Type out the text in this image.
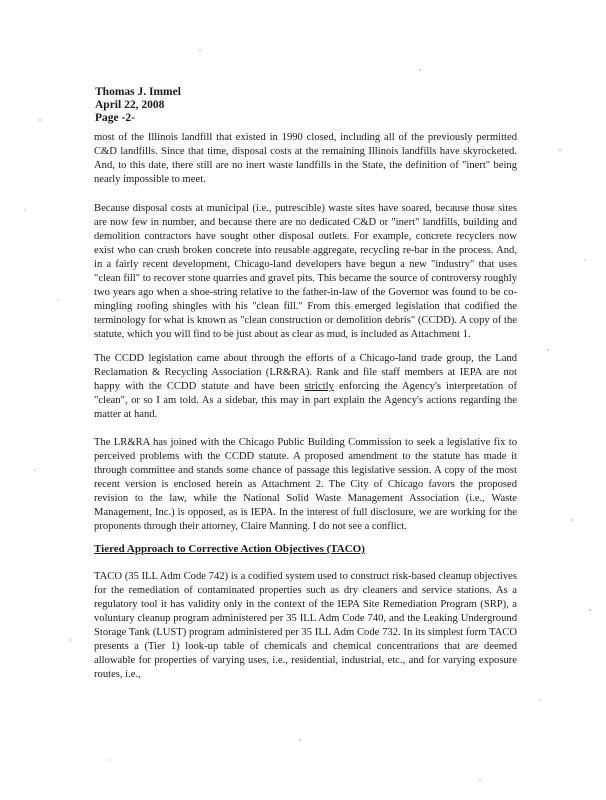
Thomas J. Immel
April 22, 2008
Page -2-

most of the Illinois landfill that existed in 1990 closed, including all of the previously permitted C&D landfills. Since that time, disposal costs at the remaining Illinois landfills have skyrocketed. And, to this date, there still are no inert waste landfills in the State, the definition of "inert" being nearly impossible to meet.

Because disposal costs at municipal (i.e., putrescible) waste sites have soared, because those sites are now few in number, and because there are no dedicated C&D or "inert" landfills, building and demolition contractors have sought other disposal outlets. For example, concrete recyclers now exist who can crush broken concrete into reusable aggregate, recycling re-bar in the process. And, in a fairly recent development, Chicago-land developers have begun a new "industry" that uses "clean fill" to recover stone quarries and gravel pits. This became the source of controversy roughly two years ago when a shoe-string relative to the father-in-law of the Governor was found to be co-mingling roofing shingles with his "clean fill." From this emerged legislation that codified the terminology for what is known as "clean construction or demolition debris" (CCDD). A copy of the statute, which you will find to be just about as clear as mud, is included as Attachment 1.

The CCDD legislation came about through the efforts of a Chicago-land trade group, the Land Reclamation & Recycling Association (LR&RA). Rank and file staff members at IEPA are not happy with the CCDD statute and have been strictly enforcing the Agency's interpretation of "clean", or so I am told. As a sidebar, this may in part explain the Agency's actions regarding the matter at hand.

The LR&RA has joined with the Chicago Public Building Commission to seek a legislative fix to perceived problems with the CCDD statute. A proposed amendment to the statute has made it through committee and stands some chance of passage this legislative session. A copy of the most recent version is enclosed herein as Attachment 2. The City of Chicago favors the proposed revision to the law, while the National Solid Waste Management Association (i.e., Waste Management, Inc.) is opposed, as is IEPA. In the interest of full disclosure, we are working for the proponents through their attorney, Claire Manning. I do not see a conflict.

Tiered Approach to Corrective Action Objectives (TACO)

TACO (35 ILL Adm Code 742) is a codified system used to construct risk-based cleanup objectives for the remediation of contaminated properties such as dry cleaners and service stations. As a regulatory tool it has validity only in the context of the IEPA Site Remediation Program (SRP), a voluntary cleanup program administered per 35 ILL Adm Code 740, and the Leaking Underground Storage Tank (LUST) program administered per 35 ILL Adm Code 732. In its simplest form TACO presents a (Tier 1) look-up table of chemicals and chemical concentrations that are deemed allowable for properties of varying uses, i.e., residential, industrial, etc., and for varying exposure routes, i.e.,
